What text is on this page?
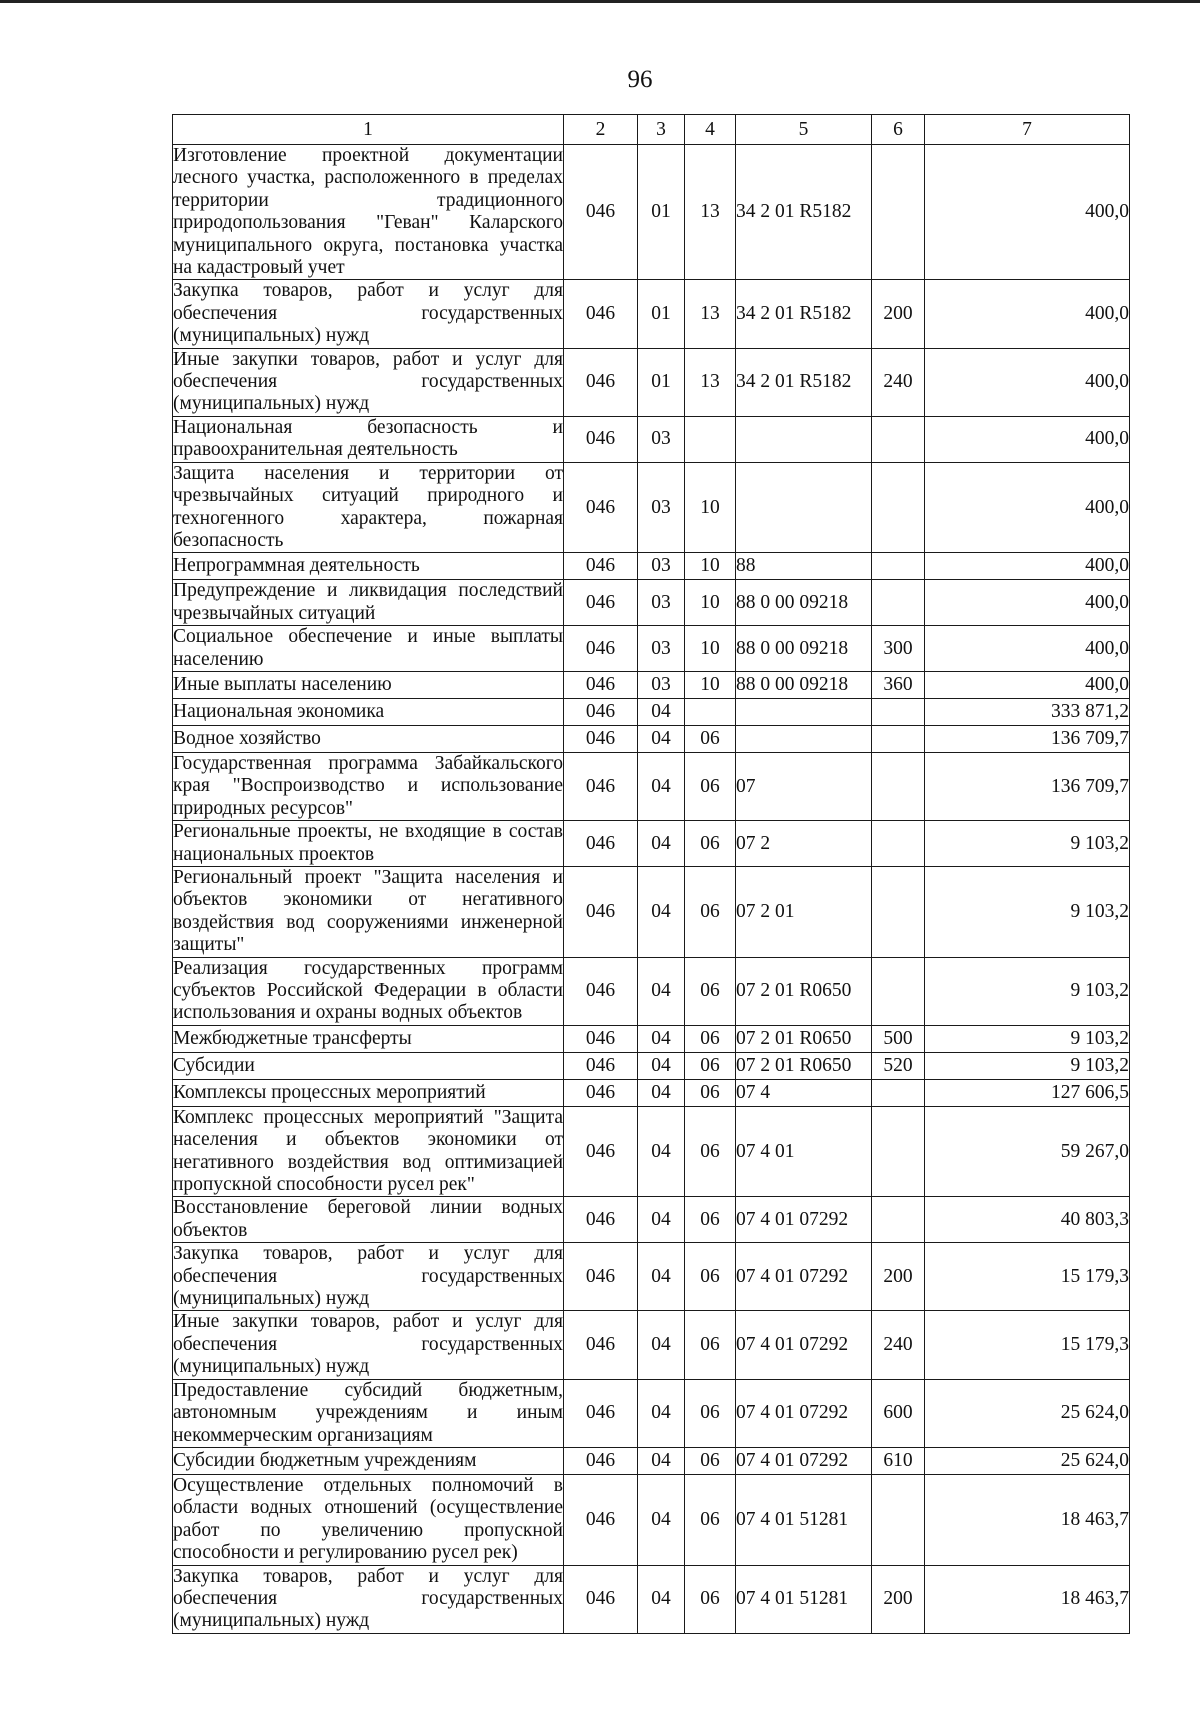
96
1	2	3	4	5	6	7
Изготовление проектной документации лесного участка, расположенного в пределах территории традиционного природопользования "Геван" Каларского муниципального округа, постановка участка на кадастровый учет	046	01	13	34 2 01 R5182		400,0
Закупка товаров, работ и услуг для обеспечения государственных (муниципальных) нужд	046	01	13	34 2 01 R5182	200	400,0
Иные закупки товаров, работ и услуг для обеспечения государственных (муниципальных) нужд	046	01	13	34 2 01 R5182	240	400,0
Национальная безопасность и правоохранительная деятельность	046	03				400,0
Защита населения и территории от чрезвычайных ситуаций природного и техногенного характера, пожарная безопасность	046	03	10			400,0
Непрограммная деятельность	046	03	10	88		400,0
Предупреждение и ликвидация последствий чрезвычайных ситуаций	046	03	10	88 0 00 09218		400,0
Социальное обеспечение и иные выплаты населению	046	03	10	88 0 00 09218	300	400,0
Иные выплаты населению	046	03	10	88 0 00 09218	360	400,0
Национальная экономика	046	04				333 871,2
Водное хозяйство	046	04	06			136 709,7
Государственная программа Забайкальского края "Воспроизводство и использование природных ресурсов"	046	04	06	07		136 709,7
Региональные проекты, не входящие в состав национальных проектов	046	04	06	07 2		9 103,2
Региональный проект "Защита населения и объектов экономики от негативного воздействия вод сооружениями инженерной защиты"	046	04	06	07 2 01		9 103,2
Реализация государственных программ субъектов Российской Федерации в области использования и охраны водных объектов	046	04	06	07 2 01 R0650		9 103,2
Межбюджетные трансферты	046	04	06	07 2 01 R0650	500	9 103,2
Субсидии	046	04	06	07 2 01 R0650	520	9 103,2
Комплексы процессных мероприятий	046	04	06	07 4		127 606,5
Комплекс процессных мероприятий "Защита населения и объектов экономики от негативного воздействия вод оптимизацией пропускной способности русел рек"	046	04	06	07 4 01		59 267,0
Восстановление береговой линии водных объектов	046	04	06	07 4 01 07292		40 803,3
Закупка товаров, работ и услуг для обеспечения государственных (муниципальных) нужд	046	04	06	07 4 01 07292	200	15 179,3
Иные закупки товаров, работ и услуг для обеспечения государственных (муниципальных) нужд	046	04	06	07 4 01 07292	240	15 179,3
Предоставление субсидий бюджетным, автономным учреждениям и иным некоммерческим организациям	046	04	06	07 4 01 07292	600	25 624,0
Субсидии бюджетным учреждениям	046	04	06	07 4 01 07292	610	25 624,0
Осуществление отдельных полномочий в области водных отношений (осуществление работ по увеличению пропускной способности и регулированию русел рек)	046	04	06	07 4 01 51281		18 463,7
Закупка товаров, работ и услуг для обеспечения государственных (муниципальных) нужд	046	04	06	07 4 01 51281	200	18 463,7
